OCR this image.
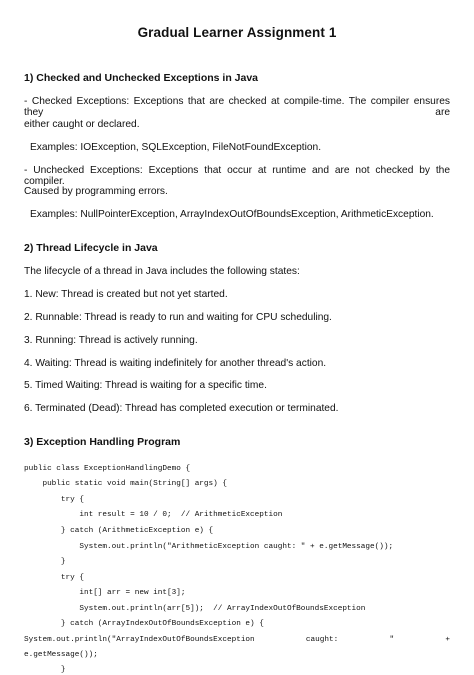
Gradual Learner Assignment 1
1) Checked and Unchecked Exceptions in Java
- Checked Exceptions: Exceptions that are checked at compile-time. The compiler ensures they are
either caught or declared.
Examples: IOException, SQLException, FileNotFoundException.
- Unchecked Exceptions: Exceptions that occur at runtime and are not checked by the compiler.
Caused by programming errors.
Examples: NullPointerException, ArrayIndexOutOfBoundsException, ArithmeticException.
2) Thread Lifecycle in Java
The lifecycle of a thread in Java includes the following states:
1. New: Thread is created but not yet started.
2. Runnable: Thread is ready to run and waiting for CPU scheduling.
3. Running: Thread is actively running.
4. Waiting: Thread is waiting indefinitely for another thread's action.
5. Timed Waiting: Thread is waiting for a specific time.
6. Terminated (Dead): Thread has completed execution or terminated.
3) Exception Handling Program
public class ExceptionHandlingDemo {
public static void main(String[] args) {
try {
int result = 10 / 0;  // ArithmeticException
} catch (ArithmeticException e) {
System.out.println("ArithmeticException caught: " + e.getMessage());
}
try {
int[] arr = new int[3];
System.out.println(arr[5]);  // ArrayIndexOutOfBoundsException
} catch (ArrayIndexOutOfBoundsException e) {
System.out.println("ArrayIndexOutOfBoundsException caught: " +
e.getMessage());
}
